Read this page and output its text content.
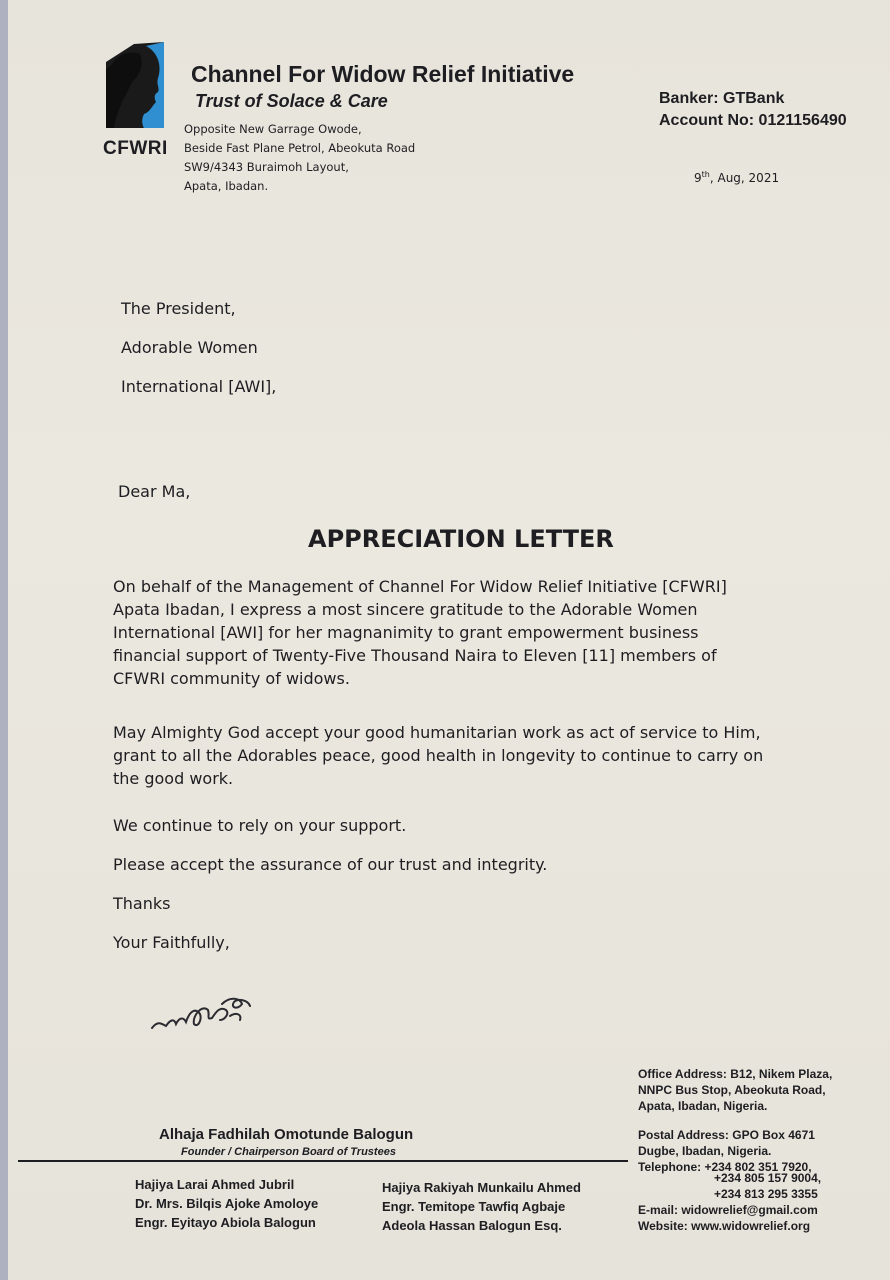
CFWRI
Channel For Widow Relief Initiative
Trust of Solace & Care
Opposite New Garrage Owode,
Beside Fast Plane Petrol, Abeokuta Road
SW9/4343 Buraimoh Layout,
Apata, Ibadan.
Banker: GTBank
Account No: 0121156490
9th, Aug, 2021
The President,
Adorable Women
International [AWI],
Dear Ma,
APPRECIATION LETTER
On behalf of the Management of Channel For Widow Relief Initiative [CFWRI]
Apata Ibadan, I express a most sincere gratitude to the Adorable Women
International [AWI] for her magnanimity to grant empowerment business
financial support of Twenty-Five Thousand Naira to Eleven [11] members of
CFWRI community of widows.
May Almighty God accept your good humanitarian work as act of service to Him,
grant to all the Adorables peace, good health in longevity to continue to carry on
the good work.
We continue to rely on your support.
Please accept the assurance of our trust and integrity.
Thanks
Your Faithfully,
Alhaja Fadhilah Omotunde Balogun
Founder / Chairperson Board of Trustees
Hajiya Larai Ahmed Jubril
Dr. Mrs. Bilqis Ajoke Amoloye
Engr. Eyitayo Abiola Balogun
Hajiya Rakiyah Munkailu Ahmed
Engr. Temitope Tawfiq Agbaje
Adeola Hassan Balogun Esq.
Office Address: B12, Nikem Plaza,
NNPC Bus Stop, Abeokuta Road,
Apata, Ibadan, Nigeria.
Postal Address: GPO Box 4671
Dugbe, Ibadan, Nigeria.
Telephone: +234 802 351 7920,
+234 805 157 9004,
+234 813 295 3355
E-mail: widowrelief@gmail.com
Website: www.widowrelief.org
